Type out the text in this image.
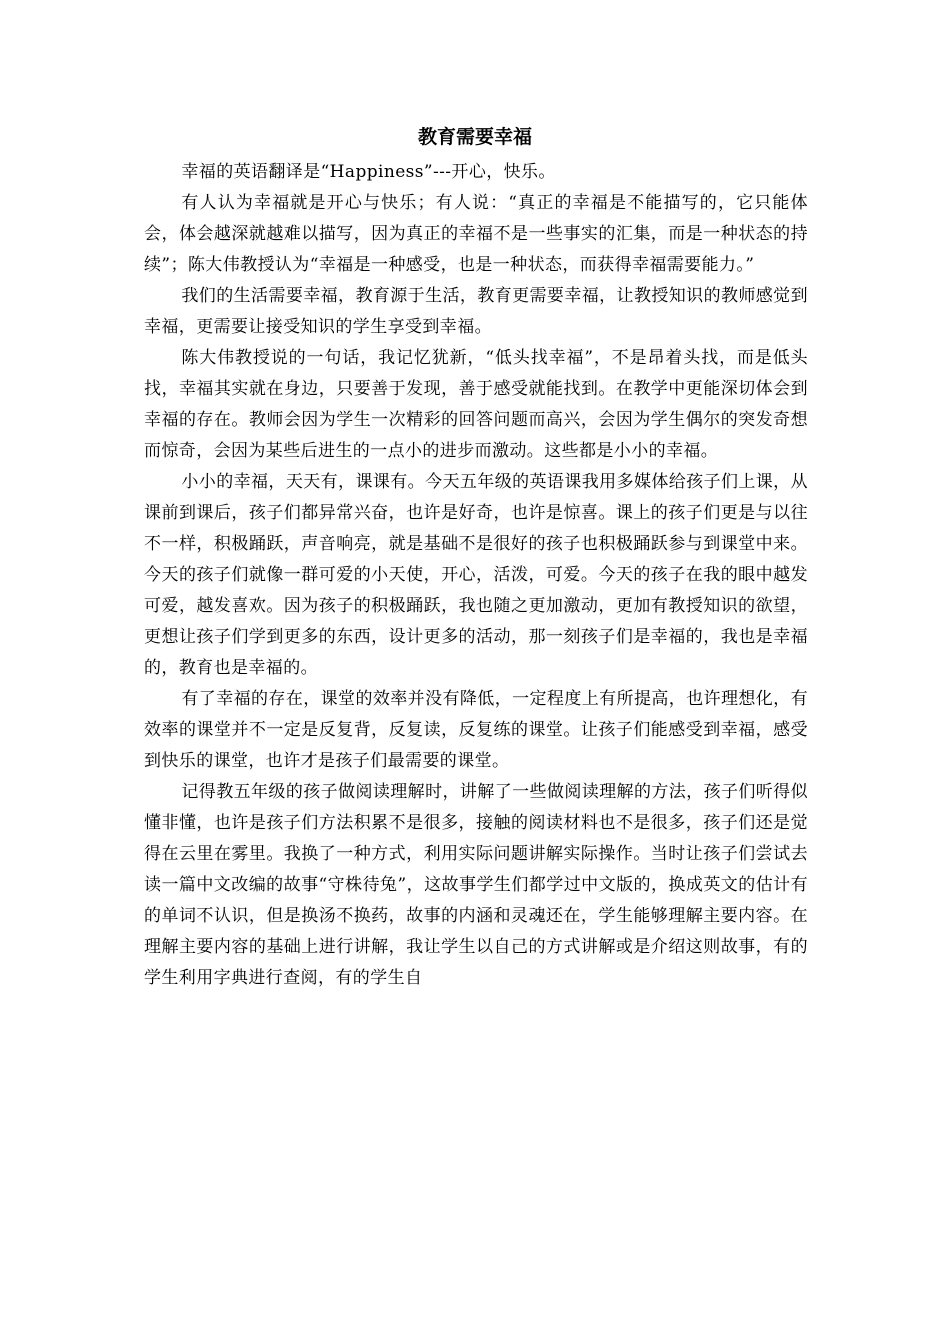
教育需要幸福

幸福的英语翻译是“Happiness”---开心，快乐。

有人认为幸福就是开心与快乐；有人说：“真正的幸福是不能描写的，它只能体会，体会越深就越难以描写，因为真正的幸福不是一些事实的汇集，而是一种状态的持续”；陈大伟教授认为“幸福是一种感受，也是一种状态，而获得幸福需要能力。”

我们的生活需要幸福，教育源于生活，教育更需要幸福，让教授知识的教师感觉到幸福，更需要让接受知识的学生享受到幸福。

陈大伟教授说的一句话，我记忆犹新，“低头找幸福”，不是昂着头找，而是低头找，幸福其实就在身边，只要善于发现，善于感受就能找到。在教学中更能深切体会到幸福的存在。教师会因为学生一次精彩的回答问题而高兴，会因为学生偶尔的突发奇想而惊奇，会因为某些后进生的一点小的进步而激动。这些都是小小的幸福。

小小的幸福，天天有，课课有。今天五年级的英语课我用多媒体给孩子们上课，从课前到课后，孩子们都异常兴奋，也许是好奇，也许是惊喜。课上的孩子们更是与以往不一样，积极踊跃，声音响亮，就是基础不是很好的孩子也积极踊跃参与到课堂中来。今天的孩子们就像一群可爱的小天使，开心，活泼，可爱。今天的孩子在我的眼中越发可爱，越发喜欢。因为孩子的积极踊跃，我也随之更加激动，更加有教授知识的欲望，更想让孩子们学到更多的东西，设计更多的活动，那一刻孩子们是幸福的，我也是幸福的，教育也是幸福的。

有了幸福的存在，课堂的效率并没有降低，一定程度上有所提高，也许理想化，有效率的课堂并不一定是反复背，反复读，反复练的课堂。让孩子们能感受到幸福，感受到快乐的课堂，也许才是孩子们最需要的课堂。

记得教五年级的孩子做阅读理解时，讲解了一些做阅读理解的方法，孩子们听得似懂非懂，也许是孩子们方法积累不是很多，接触的阅读材料也不是很多，孩子们还是觉得在云里在雾里。我换了一种方式，利用实际问题讲解实际操作。当时让孩子们尝试去读一篇中文改编的故事“守株待兔”，这故事学生们都学过中文版的，换成英文的估计有的单词不认识，但是换汤不换药，故事的内涵和灵魂还在，学生能够理解主要内容。在理解主要内容的基础上进行讲解，我让学生以自己的方式讲解或是介绍这则故事，有的学生利用字典进行查阅，有的学生自
